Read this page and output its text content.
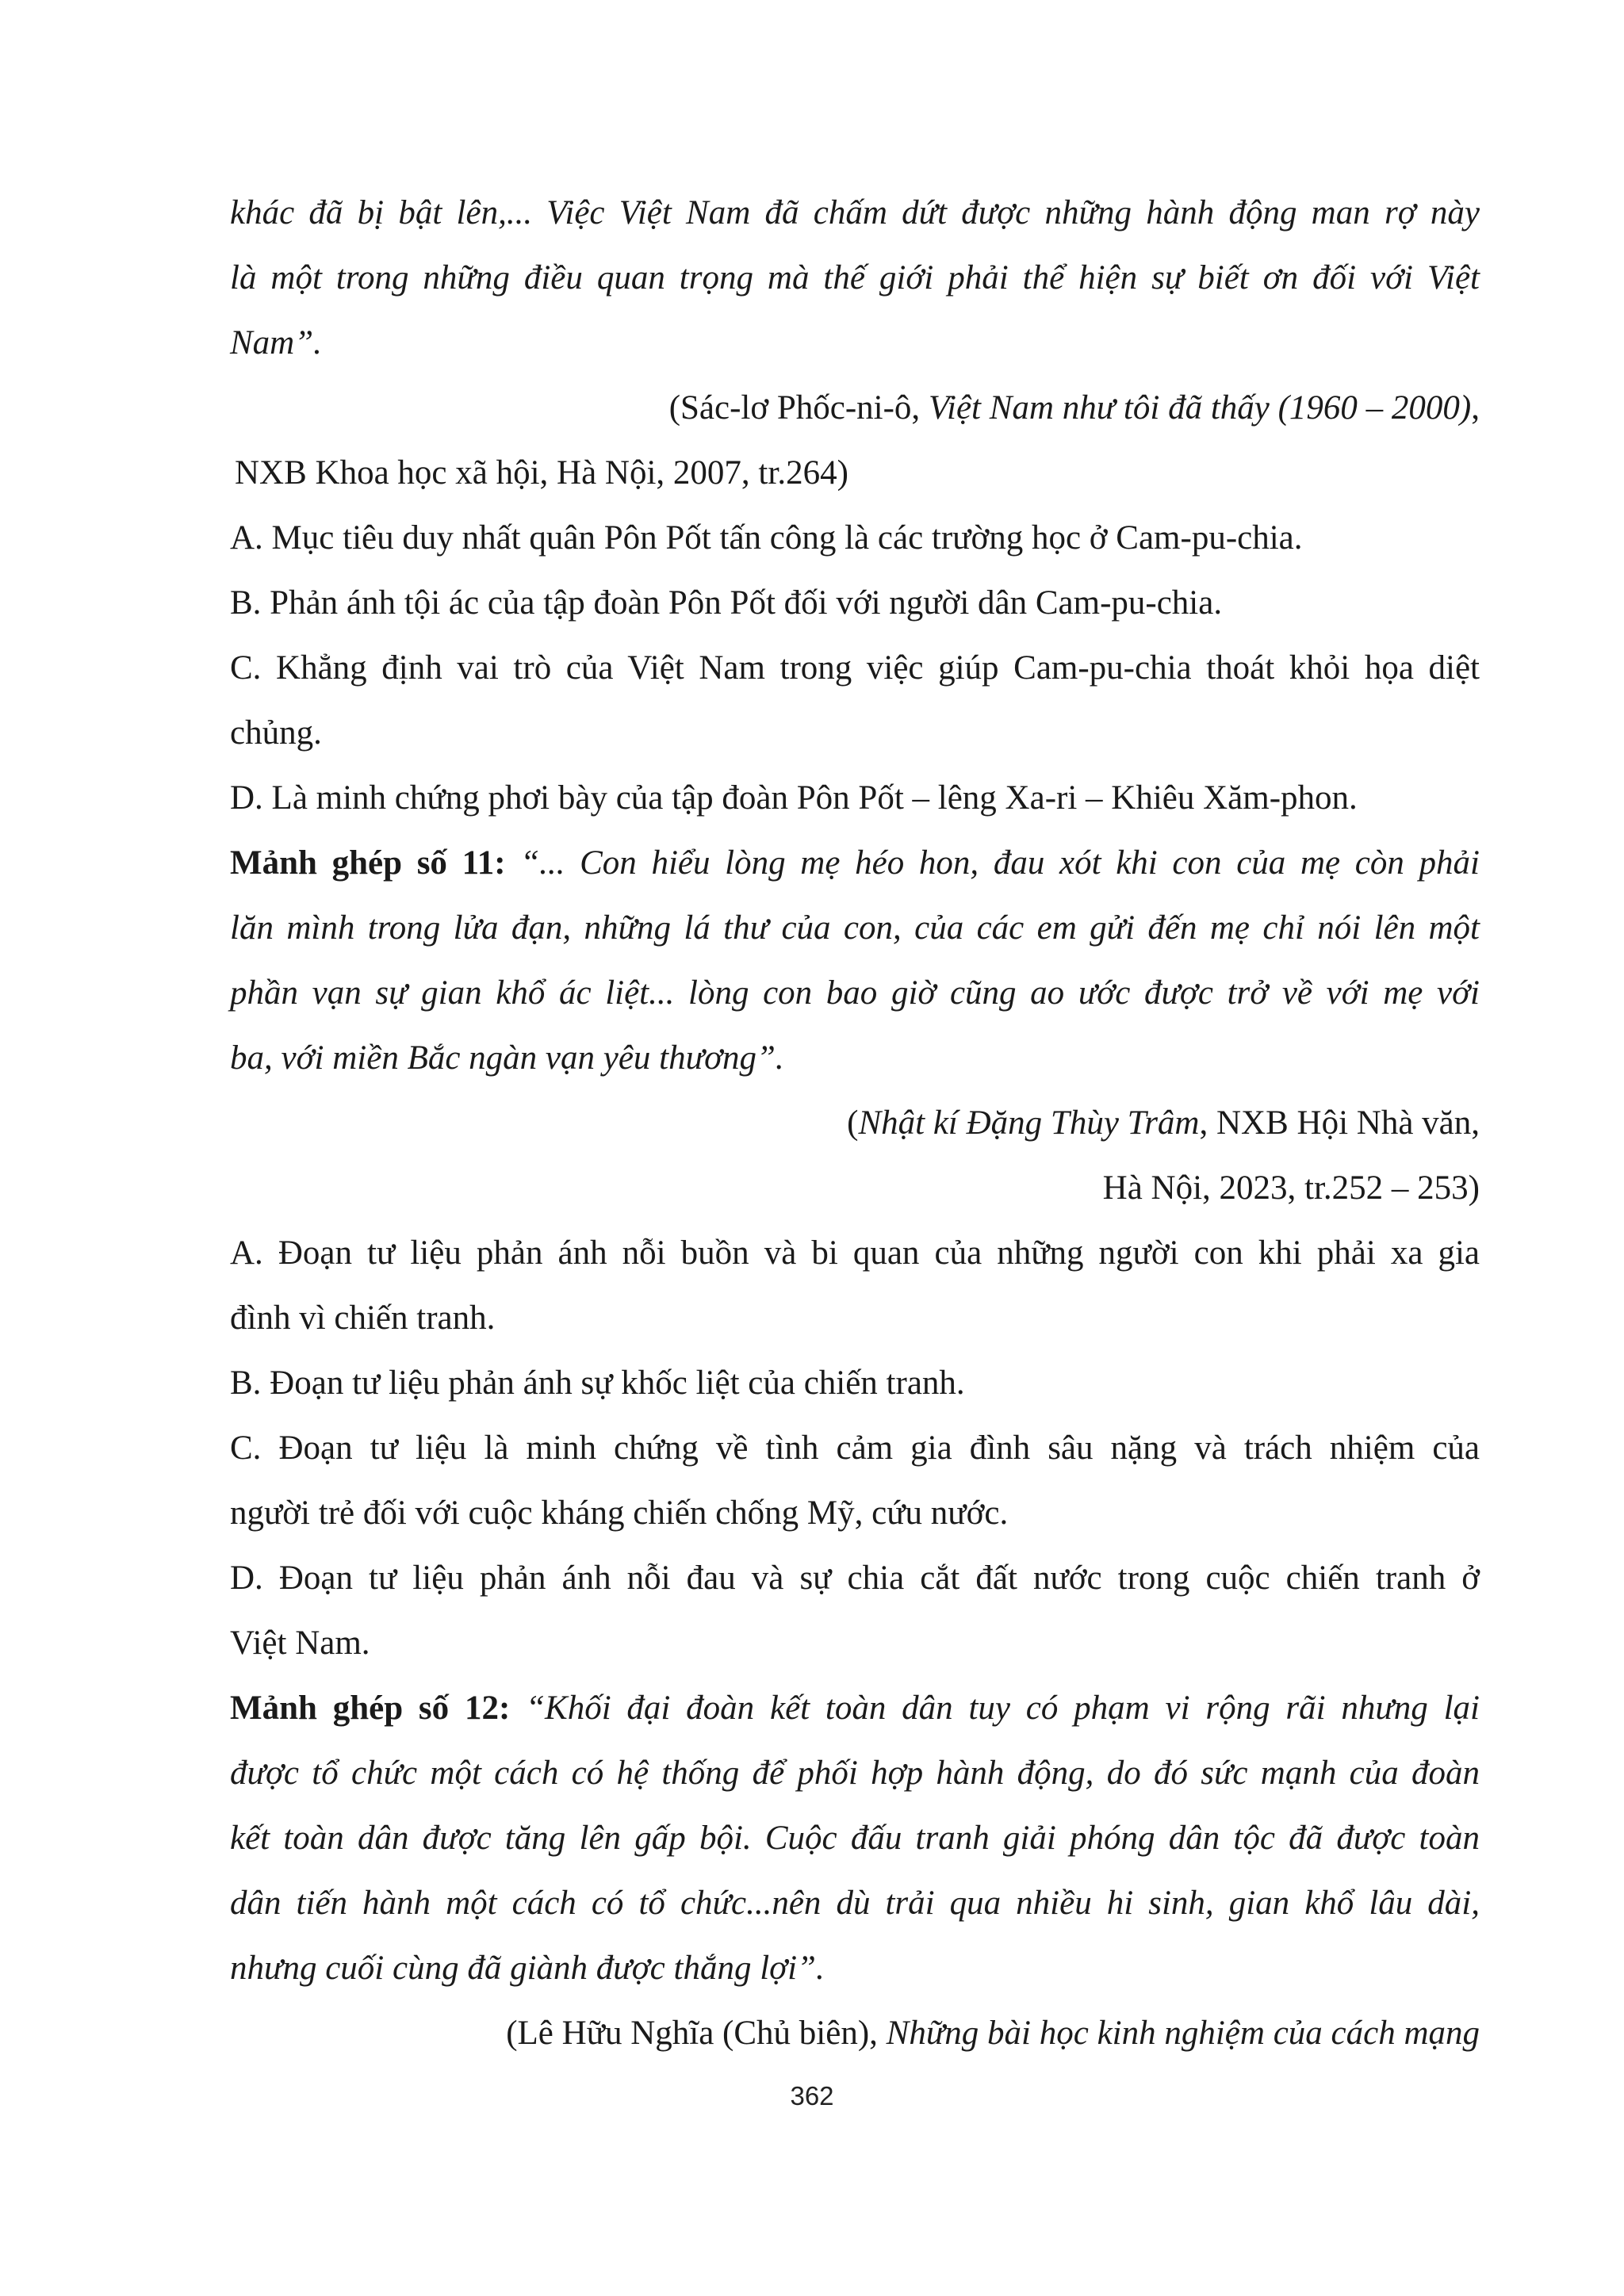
khác đã bị bật lên,... Việc Việt Nam đã chấm dứt được những hành động man rợ này
là một trong những điều quan trọng mà thế giới phải thể hiện sự biết ơn đối với Việt
Nam”.
(Sác-lơ Phốc-ni-ô, Việt Nam như tôi đã thấy (1960 – 2000),
NXB Khoa học xã hội, Hà Nội, 2007, tr.264)
A. Mục tiêu duy nhất quân Pôn Pốt tấn công là các trường học ở Cam-pu-chia.
B. Phản ánh tội ác của tập đoàn Pôn Pốt đối với người dân Cam-pu-chia.
C. Khẳng định vai trò của Việt Nam trong việc giúp Cam-pu-chia thoát khỏi họa diệt
chủng.
D. Là minh chứng phơi bày của tập đoàn Pôn Pốt – lêng Xa-ri – Khiêu Xăm-phon.
Mảnh ghép số 11: “... Con hiểu lòng mẹ héo hon, đau xót khi con của mẹ còn phải
lăn mình trong lửa đạn, những lá thư của con, của các em gửi đến mẹ chỉ nói lên một
phần vạn sự gian khổ ác liệt... lòng con bao giờ cũng ao ước được trở về với mẹ với
ba, với miền Bắc ngàn vạn yêu thương”.
(Nhật kí Đặng Thùy Trâm, NXB Hội Nhà văn,
Hà Nội, 2023, tr.252 – 253)
A. Đoạn tư liệu phản ánh nỗi buồn và bi quan của những người con khi phải xa gia
đình vì chiến tranh.
B. Đoạn tư liệu phản ánh sự khốc liệt của chiến tranh.
C. Đoạn tư liệu là minh chứng về tình cảm gia đình sâu nặng và trách nhiệm của
người trẻ đối với cuộc kháng chiến chống Mỹ, cứu nước.
D. Đoạn tư liệu phản ánh nỗi đau và sự chia cắt đất nước trong cuộc chiến tranh ở
Việt Nam.
Mảnh ghép số 12: “Khối đại đoàn kết toàn dân tuy có phạm vi rộng rãi nhưng lại
được tổ chức một cách có hệ thống để phối hợp hành động, do đó sức mạnh của đoàn
kết toàn dân được tăng lên gấp bội. Cuộc đấu tranh giải phóng dân tộc đã được toàn
dân tiến hành một cách có tổ chức...nên dù trải qua nhiều hi sinh, gian khổ lâu dài,
nhưng cuối cùng đã giành được thắng lợi”.
(Lê Hữu Nghĩa (Chủ biên), Những bài học kinh nghiệm của cách mạng
362
